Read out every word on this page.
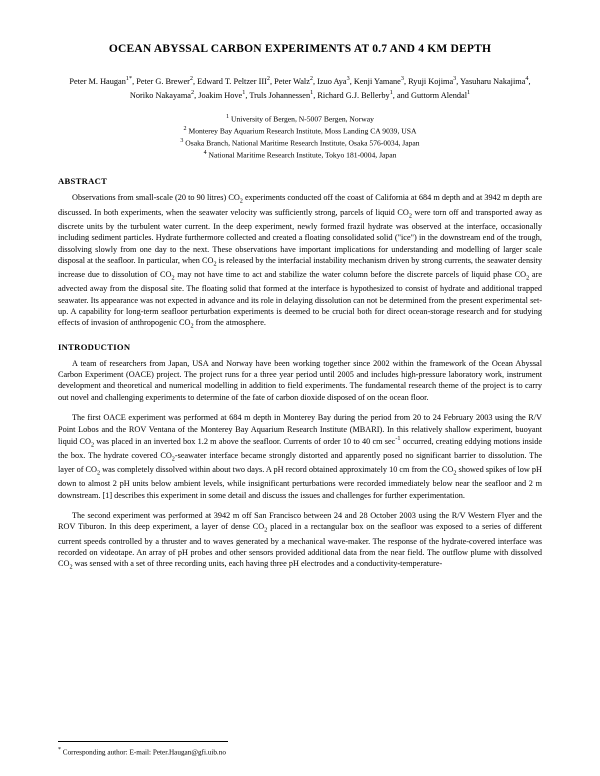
OCEAN ABYSSAL CARBON EXPERIMENTS AT 0.7 AND 4 KM DEPTH
Peter M. Haugan$^{1*}$, Peter G. Brewer$^2$, Edward T. Peltzer III$^2$, Peter Walz$^2$, Izuo Aya$^3$, Kenji Yamane$^3$, Ryuji Kojima$^3$, Yasuharu Nakajima$^4$, Noriko Nakayama$^2$, Joakim Hove$^1$, Truls Johannessen$^1$, Richard G.J. Bellerby$^1$, and Guttorm Alendal$^1$
$^1$ University of Bergen, N-5007 Bergen, Norway
$^2$ Monterey Bay Aquarium Research Institute, Moss Landing CA 9039, USA
$^3$ Osaka Branch, National Maritime Research Institute, Osaka 576-0034, Japan
$^4$ National Maritime Research Institute, Tokyo 181-0004, Japan
ABSTRACT

Observations from small-scale (20 to 90 litres) $CO_2$ experiments conducted off the coast of California at 684 m depth and at 3942 m depth are discussed. In both experiments, when the seawater velocity was sufficiently strong, parcels of liquid $CO_2$ were torn off and transported away as discrete units by the turbulent water current. In the deep experiment, newly formed frazil hydrate was observed at the interface, occasionally including sediment particles. Hydrate furthermore collected and created a floating consolidated solid ("ice") in the downstream end of the trough, dissolving slowly from one day to the next. These observations have important implications for understanding and modelling of larger scale disposal at the seafloor. In particular, when $CO_2$ is released by the interfacial instability mechanism driven by strong currents, the seawater density increase due to dissolution of $CO_2$ may not have time to act and stabilize the water column before the discrete parcels of liquid phase $CO_2$ are advected away from the disposal site. The floating solid that formed at the interface is hypothesized to consist of hydrate and additional trapped seawater. Its appearance was not expected in advance and its role in delaying dissolution can not be determined from the present experimental set-up. A capability for long-term seafloor perturbation experiments is deemed to be crucial both for direct ocean-storage research and for studying effects of invasion of anthropogenic $CO_2$ from the atmosphere.

INTRODUCTION

A team of researchers from Japan, USA and Norway have been working together since 2002 within the framework of the Ocean Abyssal Carbon Experiment (OACE) project. The project runs for a three year period until 2005 and includes high-pressure laboratory work, instrument development and theoretical and numerical modelling in addition to field experiments. The fundamental research theme of the project is to carry out novel and challenging experiments to determine of the fate of carbon dioxide disposed of on the ocean floor.

The first OACE experiment was performed at 684 m depth in Monterey Bay during the period from 20 to 24 February 2003 using the R/V Point Lobos and the ROV Ventana of the Monterey Bay Aquarium Research Institute (MBARI). In this relatively shallow experiment, buoyant liquid $CO_2$ was placed in an inverted box 1.2 m above the seafloor. Currents of order 10 to 40 cm $\sec^{-1}$ occurred, creating eddying motions inside the box. The hydrate covered $CO_2$-seawater interface became strongly distorted and apparently posed no significant barrier to dissolution. The layer of $CO_2$ was completely dissolved within about two days. A pH record obtained approximately 10 cm from the $CO_2$ showed spikes of low pH down to almost 2 pH units below ambient levels, while insignificant perturbations were recorded immediately below near the seafloor and 2 m downstream. [1] describes this experiment in some detail and discuss the issues and challenges for further experimentation.

The second experiment was performed at 3942 m off San Francisco between 24 and 28 October 2003 using the R/V Western Flyer and the ROV Tiburon. In this deep experiment, a layer of dense $CO_2$ placed in a rectangular box on the seafloor was exposed to a series of different current speeds controlled by a thruster and to waves generated by a mechanical wave-maker. The response of the hydrate-covered interface was recorded on videotape. An array of pH probes and other sensors provided additional data from the near field. The outflow plume with dissolved $CO_2$ was sensed with a set of three recording units, each having three pH electrodes and a conductivity-temperature-

* Corresponding author: E-mail: Peter.Haugan@gfi.uib.no
